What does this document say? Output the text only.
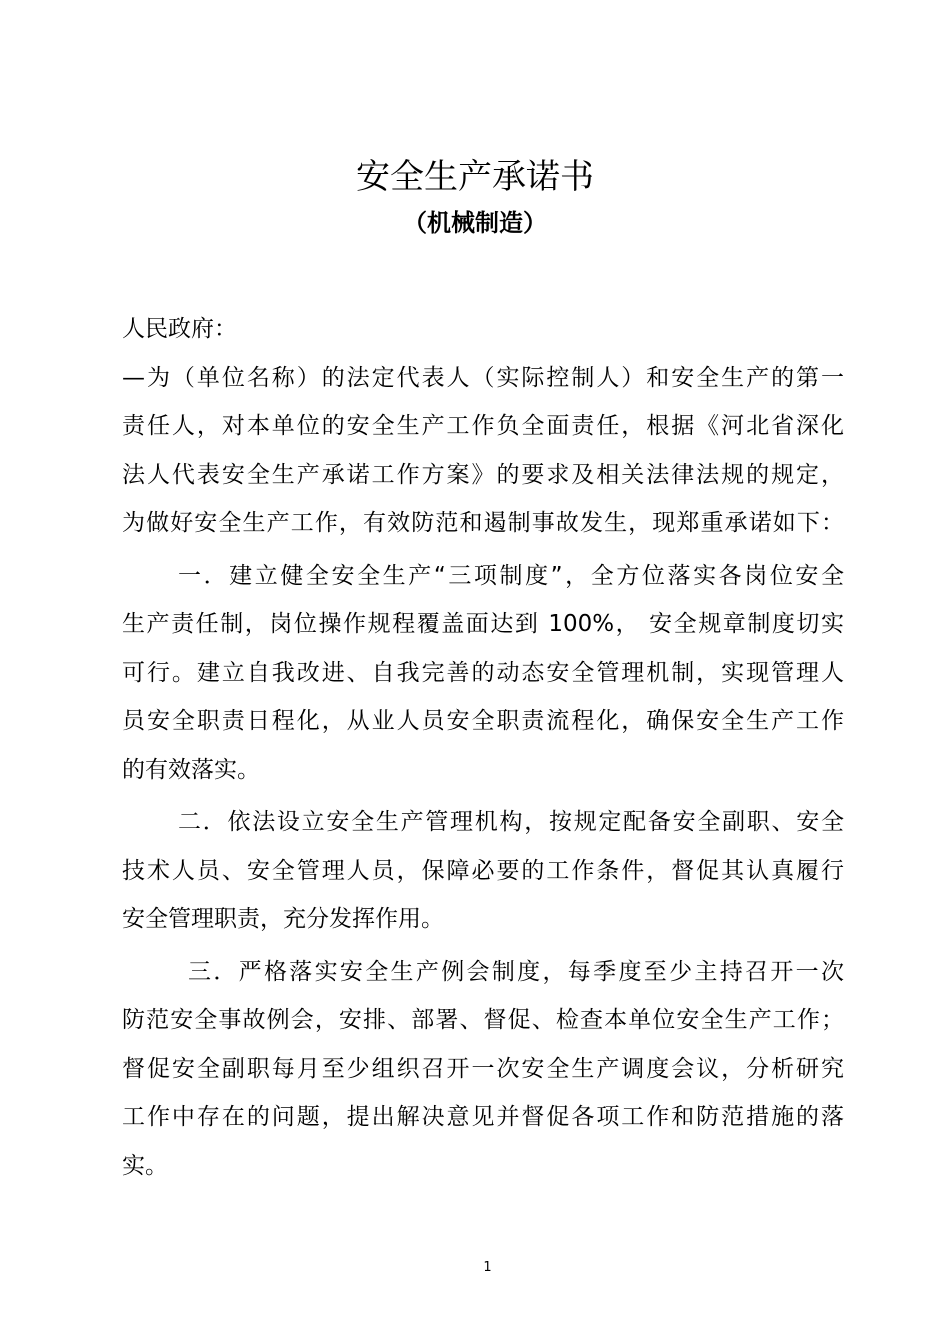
安全生产承诺书
（机械制造）
人民政府：
—为（单位名称）的法定代表人（实际控制人）和安全生产的第一
责任人，对本单位的安全生产工作负全面责任，根据《河北省深化
法人代表安全生产承诺工作方案》的要求及相关法律法规的规定，
为做好安全生产工作，有效防范和遏制事故发生，现郑重承诺如下：
一．建立健全安全生产“三项制度”，全方位落实各岗位安全
生产责任制，岗位操作规程覆盖面达到 100%， 安全规章制度切实
可行。建立自我改进、自我完善的动态安全管理机制，实现管理人
员安全职责日程化，从业人员安全职责流程化，确保安全生产工作
的有效落实。
二．依法设立安全生产管理机构，按规定配备安全副职、安全
技术人员、安全管理人员，保障必要的工作条件，督促其认真履行
安全管理职责，充分发挥作用。
三．严格落实安全生产例会制度，每季度至少主持召开一次
防范安全事故例会，安排、部署、督促、检查本单位安全生产工作；
督促安全副职每月至少组织召开一次安全生产调度会议，分析研究
工作中存在的问题，提出解决意见并督促各项工作和防范措施的落
实。
1
